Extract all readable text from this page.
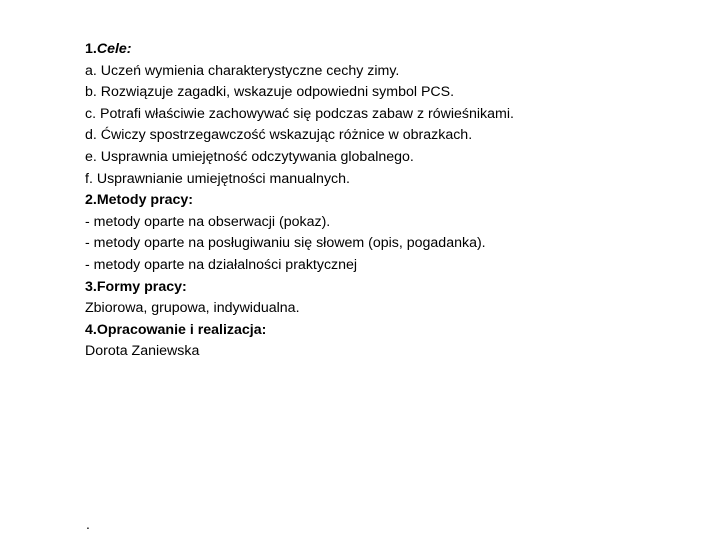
1.Cele:
a. Uczeń wymienia charakterystyczne cechy zimy.
b. Rozwiązuje zagadki, wskazuje odpowiedni symbol PCS.
c. Potrafi właściwie zachowywać się podczas zabaw z rówieśnikami.
d. Ćwiczy spostrzegawczość wskazując różnice w obrazkach.
e. Usprawnia umiejętność odczytywania globalnego.
f. Usprawnianie umiejętności manualnych.
2.Metody pracy:
- metody oparte na obserwacji (pokaz).
- metody oparte na posługiwaniu się słowem (opis, pogadanka).
- metody oparte na działalności praktycznej
3.Formy pracy:
Zbiorowa, grupowa, indywidualna.
4.Opracowanie i realizacja:
Dorota Zaniewska
.
